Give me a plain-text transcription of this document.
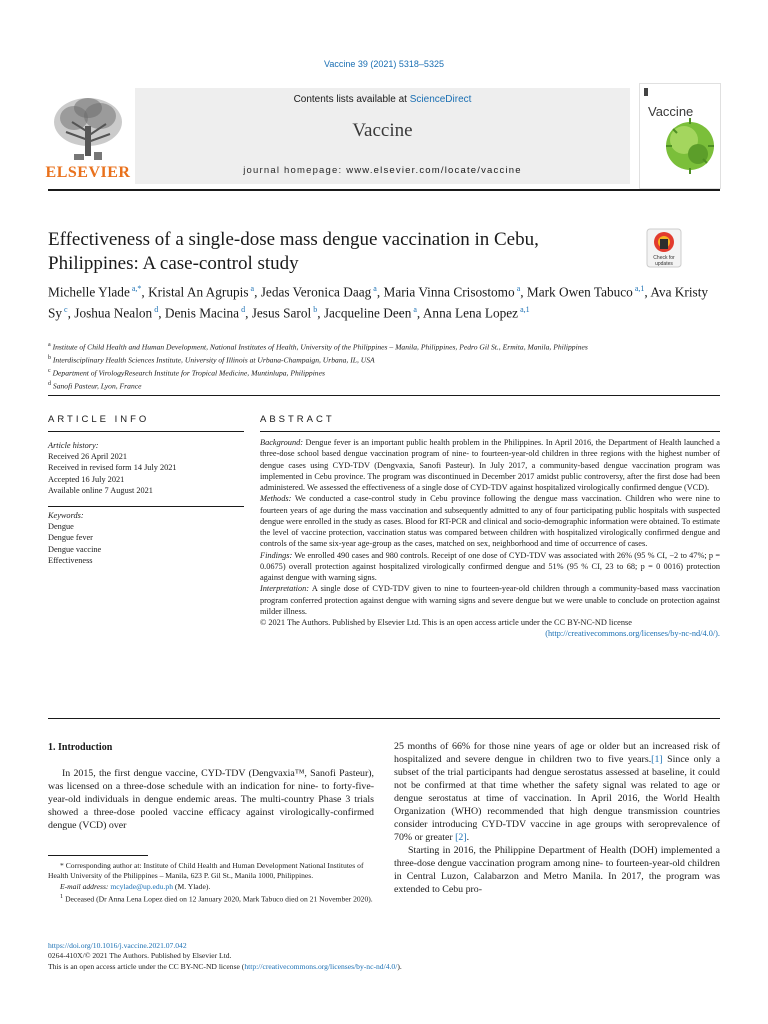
Vaccine 39 (2021) 5318–5325
Contents lists available at ScienceDirect
Vaccine
journal homepage: www.elsevier.com/locate/vaccine
ELSEVIER
Vaccine
Effectiveness of a single-dose mass dengue vaccination in Cebu, Philippines: A case-control study	Check for updates
Michelle Ylade $^{a,*}$, Kristal An Agrupis $^a$, Jedas Veronica Daag $^a$, Maria Vinna Crisostomo $^a$, Mark Owen Tabuco $^{a,1}$, Ava Kristy Sy $^c$, Joshua Nealon $^d$, Denis Macina $^d$, Jesus Sarol $^b$, Jacqueline Deen $^a$, Anna Lena Lopez $^{a,1}$
$^a$ Institute of Child Health and Human Development, National Institutes of Health, University of the Philippines – Manila, Philippines, Pedro Gil St., Ermita, Manila, Philippines
$^b$ Interdisciplinary Health Sciences Institute, University of Illinois at Urbana-Champaign, Urbana, IL, USA
$^c$ Department of VirologyResearch Institute for Tropical Medicine, Muntinlupa, Philippines
$^d$ Sanofi Pasteur, Lyon, France
ARTICLE INFO	ABSTRACT
Article history:
Received 26 April 2021
Received in revised form 14 July 2021
Accepted 16 July 2021
Available online 7 August 2021
Keywords:
Dengue
Dengue fever
Dengue vaccine
Effectiveness

Background: Dengue fever is an important public health problem in the Philippines. In April 2016, the Department of Health launched a three-dose school based dengue vaccination program of nine- to fourteen-year-old children in three regions with the highest number of dengue cases using CYD-TDV (Dengvaxia, Sanofi Pasteur). In July 2017, a community-based dengue vaccination program was implemented in Cebu province. The program was discontinued in December 2017 amidst public controversy, after the first dose had been administered. We assessed the effectiveness of a single dose of CYD-TDV against hospitalized virologically confirmed dengue (VCD).

Methods: We conducted a case-control study in Cebu province following the dengue mass vaccination. Children who were nine to fourteen years of age during the mass vaccination and subsequently admitted to any of four participating public hospitals with suspected dengue were enrolled in the study as cases. Blood for RT-PCR and clinical and socio-demographic information were obtained. To estimate the level of vaccine protection, vaccination status was compared between children with hospitalized virologically confirmed dengue and controls of the same six-year age-group as the cases, matched on sex, neighborhood and time of occurrence of cases.

Findings: We enrolled 490 cases and 980 controls. Receipt of one dose of CYD-TDV was associated with 26% (95 % CI, −2 to 47%; p = 0.0675) overall protection against hospitalized virologically confirmed dengue and 51% (95 % CI, 23 to 68; p = 0 0016) protection against dengue with warning signs.

Interpretation: A single dose of CYD-TDV given to nine to fourteen-year-old children through a community-based mass vaccination program conferred protection against dengue with warning signs and severe dengue but we were unable to conclude on protection against milder illness.

© 2021 The Authors. Published by Elsevier Ltd. This is an open access article under the CC BY-NC-ND license

(http://creativecommons.org/licenses/by-nc-nd/4.0/).

1. Introduction

In 2015, the first dengue vaccine, CYD-TDV (Dengvaxia™, Sanofi Pasteur), was licensed on a three-dose schedule with an indication for nine- to forty-five-year-old individuals in dengue endemic areas. The multi-country Phase 3 trials showed a three-dose pooled vaccine efficacy against virologically-confirmed dengue (VCD) over

* Corresponding author at: Institute of Child Health and Human Development National Institutes of Health University of the Philippines – Manila, 623 P. Gil St., Manila 1000, Philippines.

E-mail address: mcylade@up.edu.ph (M. Ylade).

$^1$ Deceased (Dr Anna Lena Lopez died on 12 January 2020, Mark Tabuco died on 21 November 2020).

25 months of 66% for those nine years of age or older but an increased risk of hospitalized and severe dengue in children two to five years.[1] Since only a subset of the trial participants had dengue serostatus assessed at baseline, it could not be confirmed at that time whether the safety signal was related to age or dengue serostatus at time of vaccination. In April 2016, the World Health Organization (WHO) recommended that high dengue transmission countries consider introducing CYD-TDV vaccine in age groups with seroprevalence of 70% or greater [2].

Starting in 2016, the Philippine Department of Health (DOH) implemented a three-dose dengue vaccination program among nine- to fourteen-year-old children in Central Luzon, Calabarzon and Metro Manila. In 2017, the program was extended to Cebu pro-

https://doi.org/10.1016/j.vaccine.2021.07.042

0264-410X/© 2021 The Authors. Published by Elsevier Ltd.

This is an open access article under the CC BY-NC-ND license (http://creativecommons.org/licenses/by-nc-nd/4.0/).
